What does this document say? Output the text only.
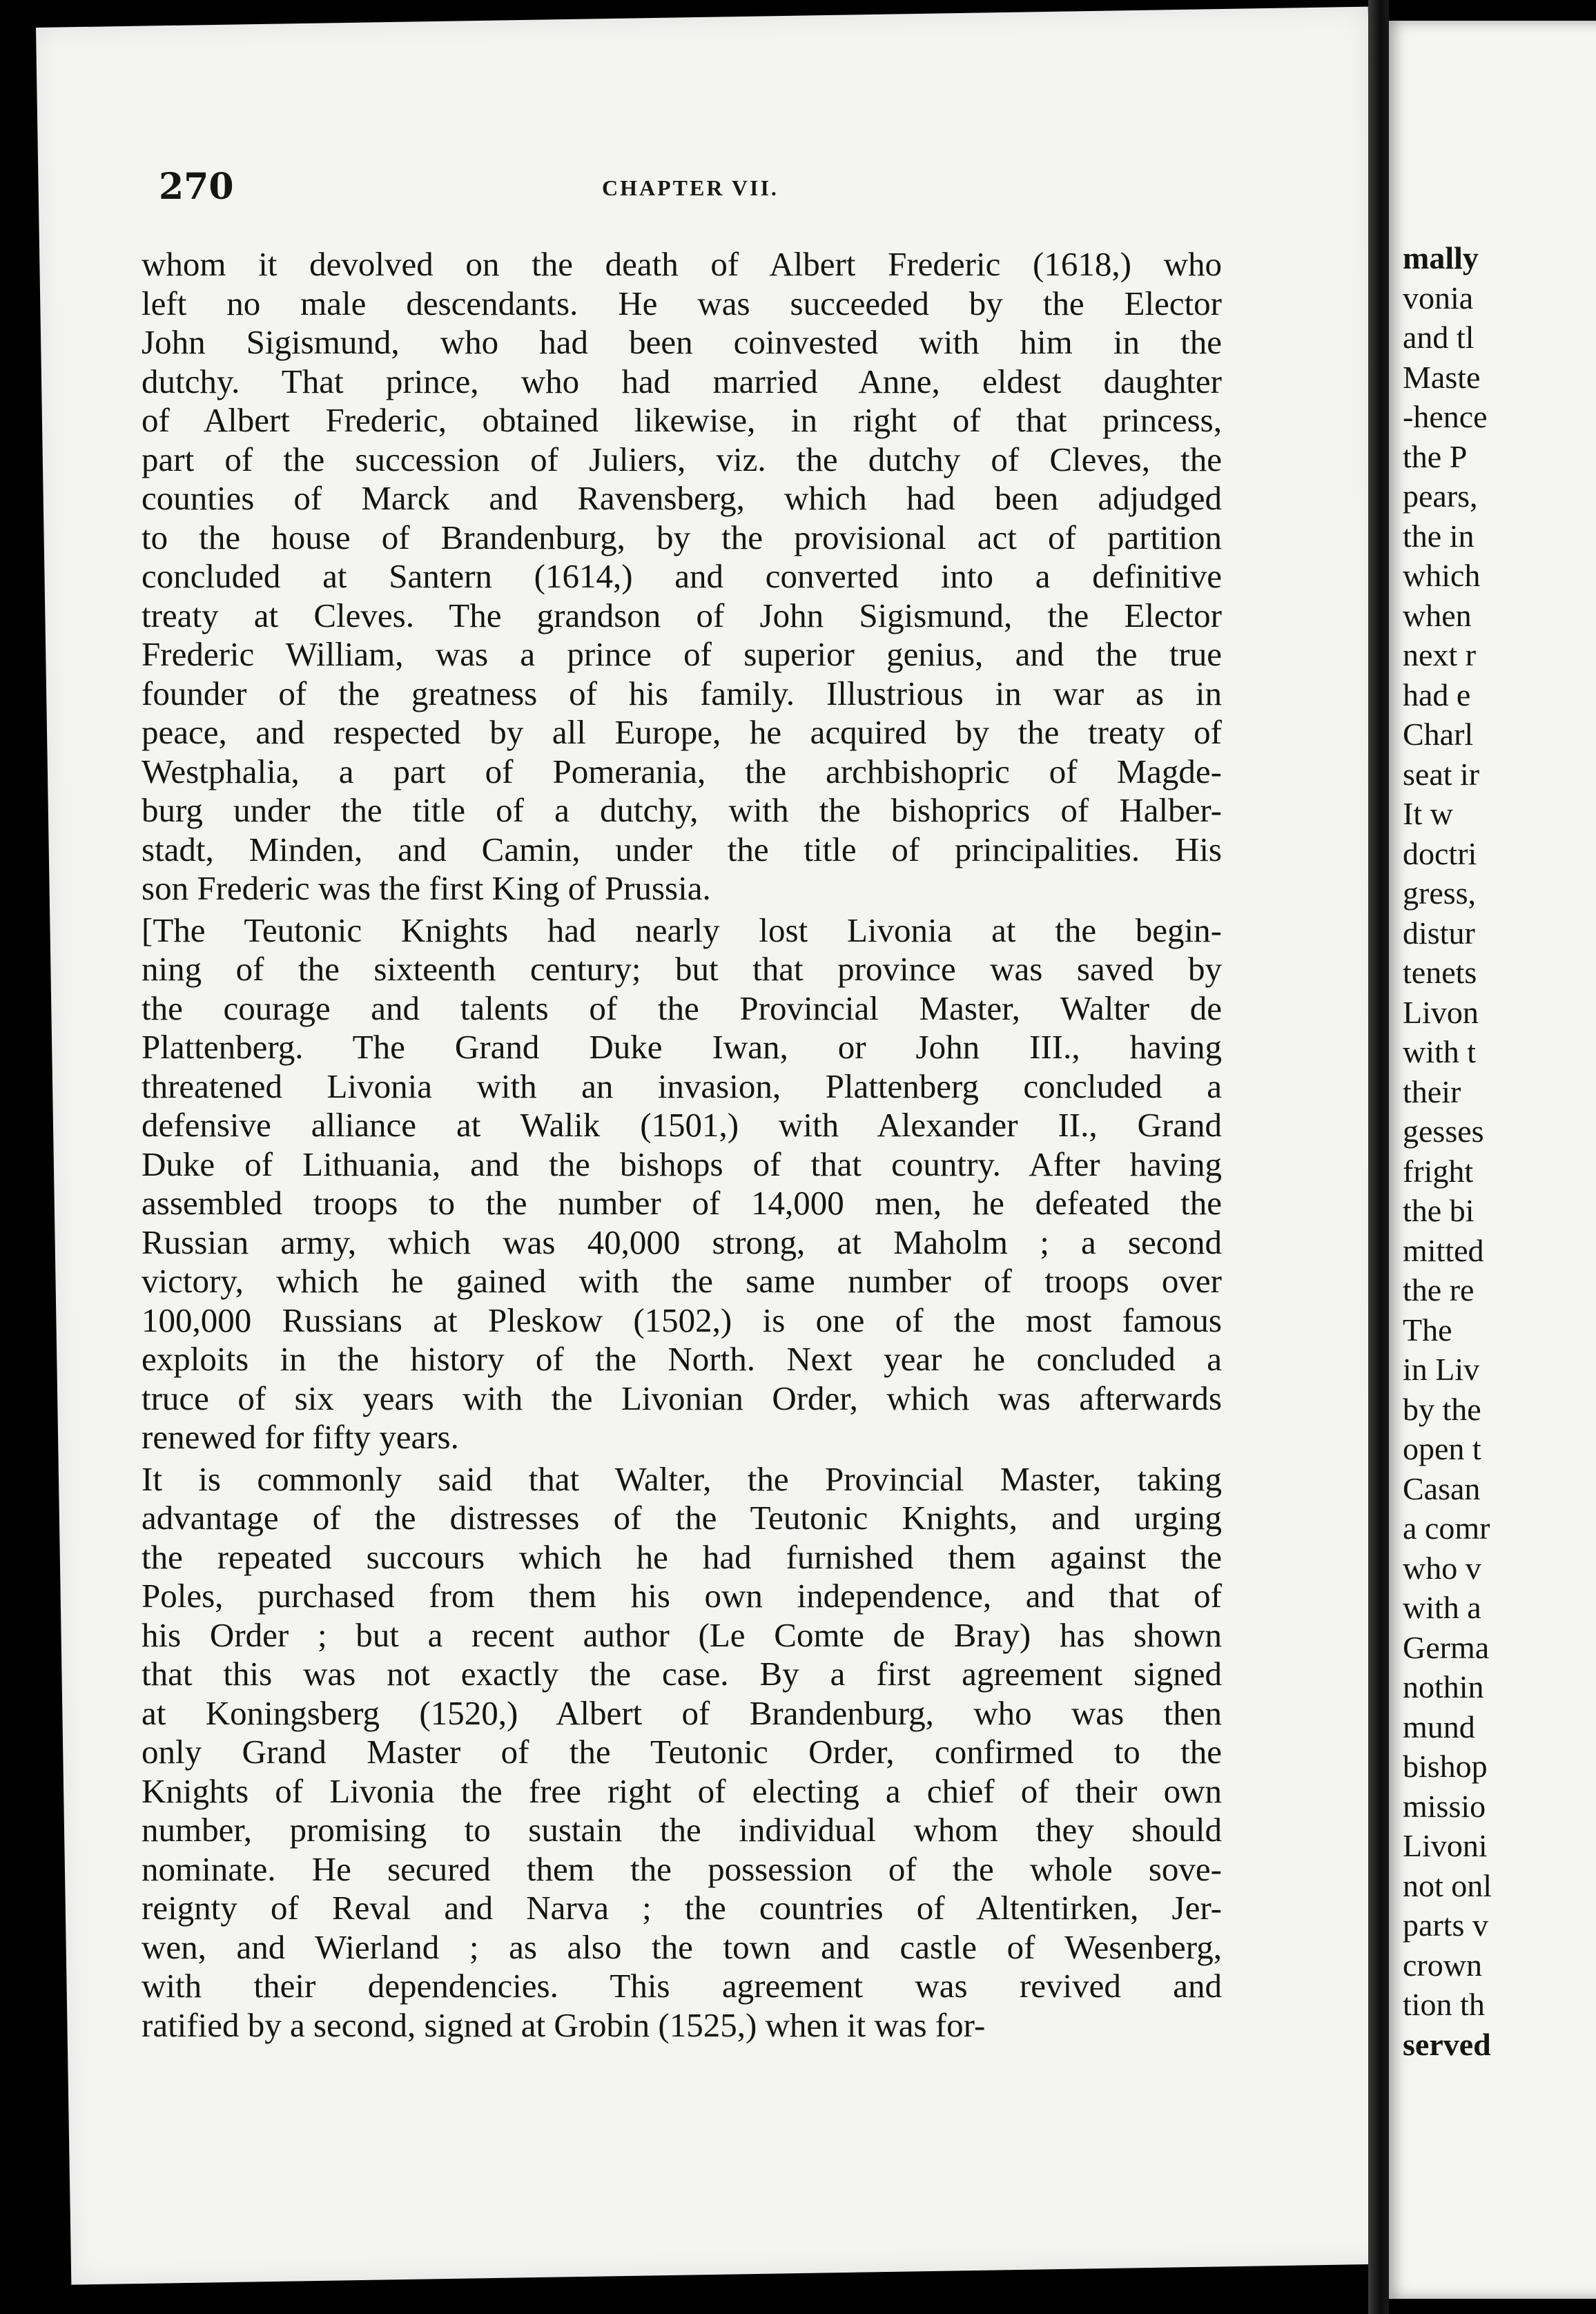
270	CHAPTER VII.
whom it devolved on the death of Albert Frederic (1618,) who
left no male descendants. He was succeeded by the Elector
John Sigismund, who had been coinvested with him in the
dutchy. That prince, who had married Anne, eldest daughter
of Albert Frederic, obtained likewise, in right of that princess,
part of the succession of Juliers, viz. the dutchy of Cleves, the
counties of Marck and Ravensberg, which had been adjudged
to the house of Brandenburg, by the provisional act of partition
concluded at Santern (1614,) and converted into a definitive
treaty at Cleves. The grandson of John Sigismund, the Elector
Frederic William, was a prince of superior genius, and the true
founder of the greatness of his family. Illustrious in war as in
peace, and respected by all Europe, he acquired by the treaty of
Westphalia, a part of Pomerania, the archbishopric of Magde-
burg under the title of a dutchy, with the bishoprics of Halber-
stadt, Minden, and Camin, under the title of principalities. His
son Frederic was the first King of Prussia.
[The Teutonic Knights had nearly lost Livonia at the begin-
ning of the sixteenth century; but that province was saved by
the courage and talents of the Provincial Master, Walter de
Plattenberg. The Grand Duke Iwan, or John III., having
threatened Livonia with an invasion, Plattenberg concluded a
defensive alliance at Walik (1501,) with Alexander II., Grand
Duke of Lithuania, and the bishops of that country. After having
assembled troops to the number of 14,000 men, he defeated the
Russian army, which was 40,000 strong, at Maholm ; a second
victory, which he gained with the same number of troops over
100,000 Russians at Pleskow (1502,) is one of the most famous
exploits in the history of the North. Next year he concluded a
truce of six years with the Livonian Order, which was afterwards
renewed for fifty years.
It is commonly said that Walter, the Provincial Master, taking
advantage of the distresses of the Teutonic Knights, and urging
the repeated succours which he had furnished them against the
Poles, purchased from them his own independence, and that of
his Order ; but a recent author (Le Comte de Bray) has shown
that this was not exactly the case. By a first agreement signed
at Koningsberg (1520,) Albert of Brandenburg, who was then
only Grand Master of the Teutonic Order, confirmed to the
Knights of Livonia the free right of electing a chief of their own
number, promising to sustain the individual whom they should
nominate. He secured them the possession of the whole sove-
reignty of Reval and Narva ; the countries of Altentirken, Jer-
wen, and Wierland ; as also the town and castle of Wesenberg,
with their dependencies. This agreement was revived and
ratified by a second, signed at Grobin (1525,) when it was for-
mally
vonia
and tl
Maste
-hence
the P
pears,
the in
which
when
next r
had e
Charl
seat ir
It w
doctri
gress,
distur
tenets
Livon
with t
their
gesses
fright
the bi
mitted
the re
The
in Liv
by the
open t
Casan
a comr
who v
with a
Germa
nothin
mund
bishop
missio
Livoni
not onl
parts v
crown
tion th
served
